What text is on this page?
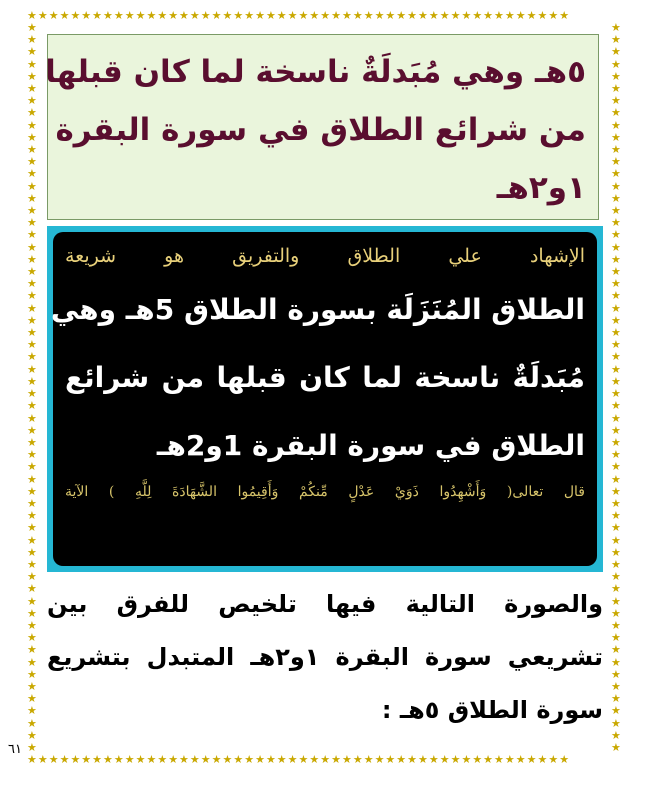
★★★★★★★★★★★★★★★★★★★★★★★★★★★★★★★★★★★★★★★★★★★★★★★★★★
★★★★★★★★★★★★★★★★★★★★★★★★★★★★★★★★★★★★★★★★★★★★★★★★★★
★★★★★★★★★★★★★★★★★★★★★★★★★★★★★★★★★★★★★★★★★★★★★★★★★★★★★★★★★★★★
★★★★★★★★★★★★★★★★★★★★★★★★★★★★★★★★★★★★★★★★★★★★★★★★★★★★★★★★★★★★
٥هـ وهي مُبَدلَةٌ ناسخة لما كان قبلها
من شرائع الطلاق في سورة البقرة
١و٢هـ
الإشهاد علي الطلاق والتفريق هو شريعة
الطلاق المُنَزَلَة بسورة الطلاق 5هـ وهي
مُبَدلَةٌ ناسخة لما كان قبلها من شرائع
الطلاق في سورة البقرة 1و2هـ
قال تعالى( وَأَشْهِدُوا ذَوَيْ عَدْلٍ مِّنكُمْ وَأَقِيمُوا الشَّهَادَةَ لِلَّهِ ) الآية
والصورة التالية فيها تلخيص للفرق بين
تشريعي سورة البقرة ١و٢هـ المتبدل بتشريع
سورة الطلاق ٥هـ :
٦١
